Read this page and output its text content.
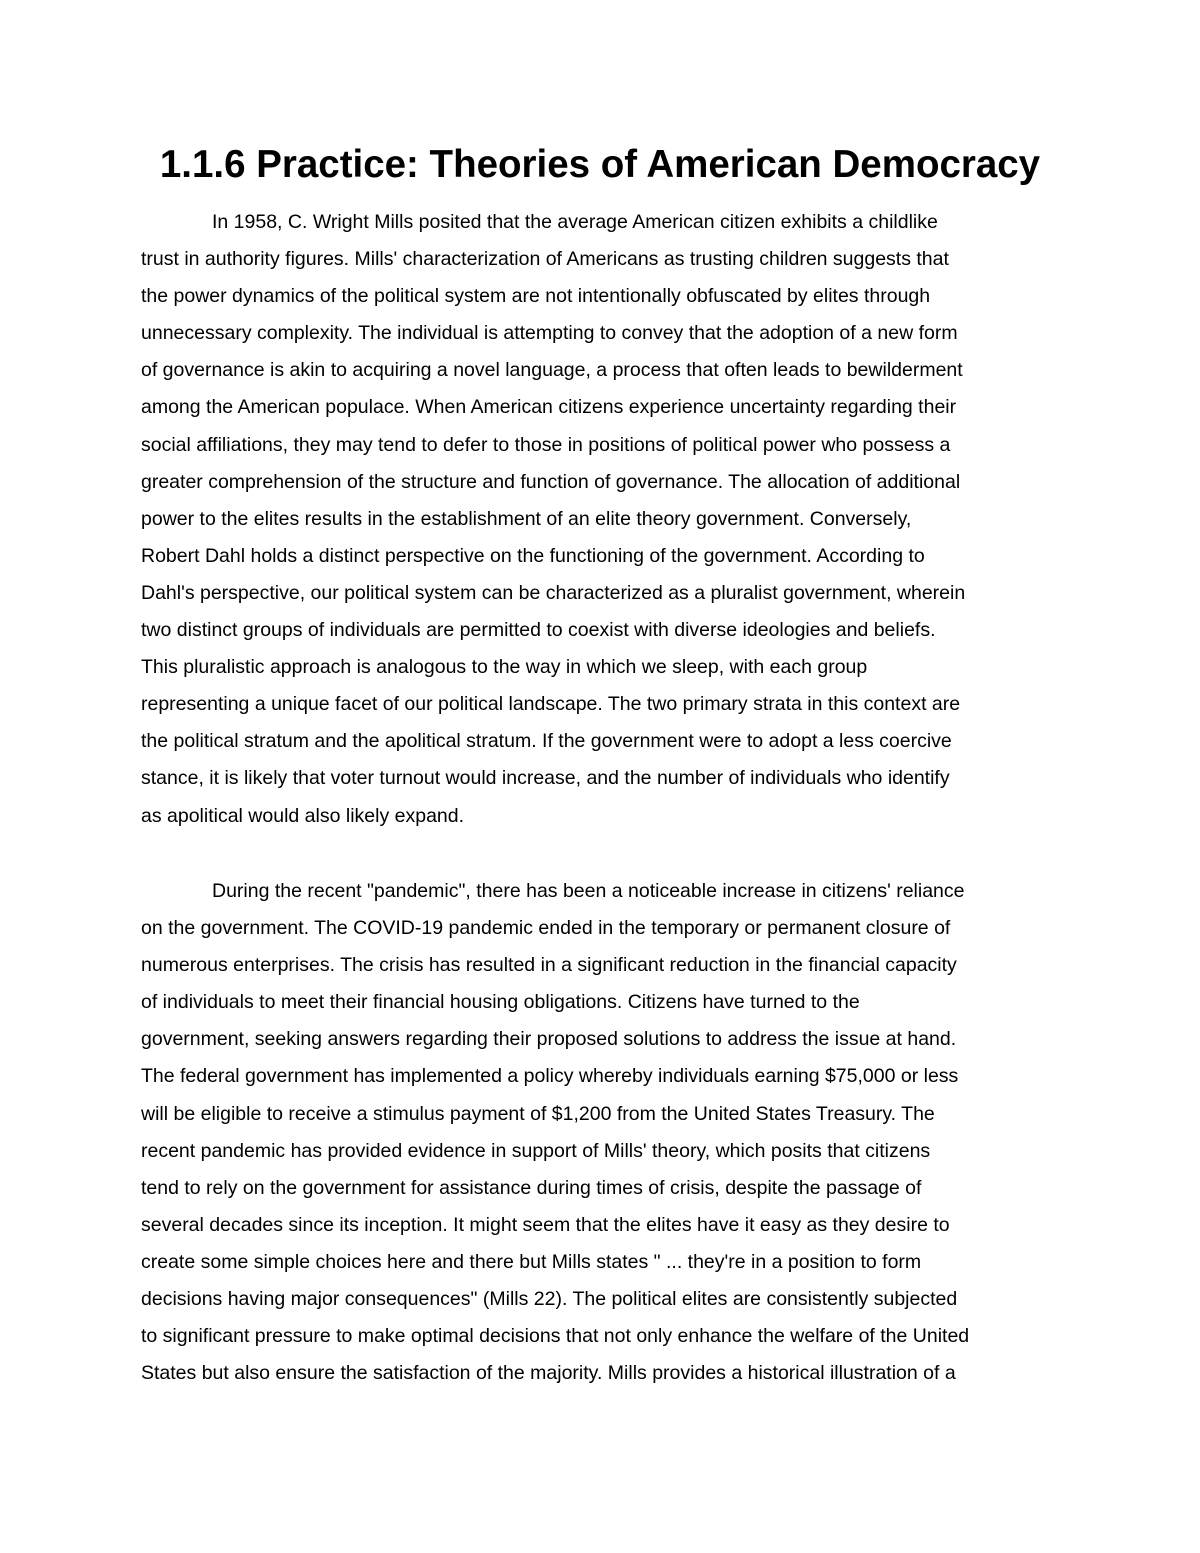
1.1.6 Practice: Theories of American Democracy
In 1958, C. Wright Mills posited that the average American citizen exhibits a childlike
trust in authority figures. Mills' characterization of Americans as trusting children suggests that
the power dynamics of the political system are not intentionally obfuscated by elites through
unnecessary complexity. The individual is attempting to convey that the adoption of a new form
of governance is akin to acquiring a novel language, a process that often leads to bewilderment
among the American populace. When American citizens experience uncertainty regarding their
social affiliations, they may tend to defer to those in positions of political power who possess a
greater comprehension of the structure and function of governance. The allocation of additional
power to the elites results in the establishment of an elite theory government. Conversely,
Robert Dahl holds a distinct perspective on the functioning of the government. According to
Dahl's perspective, our political system can be characterized as a pluralist government, wherein
two distinct groups of individuals are permitted to coexist with diverse ideologies and beliefs.
This pluralistic approach is analogous to the way in which we sleep, with each group
representing a unique facet of our political landscape. The two primary strata in this context are
the political stratum and the apolitical stratum. If the government were to adopt a less coercive
stance, it is likely that voter turnout would increase, and the number of individuals who identify
as apolitical would also likely expand.
During the recent "pandemic", there has been a noticeable increase in citizens' reliance
on the government. The COVID-19 pandemic ended in the temporary or permanent closure of
numerous enterprises. The crisis has resulted in a significant reduction in the financial capacity
of individuals to meet their financial housing obligations. Citizens have turned to the
government, seeking answers regarding their proposed solutions to address the issue at hand.
The federal government has implemented a policy whereby individuals earning $75,000 or less
will be eligible to receive a stimulus payment of $1,200 from the United States Treasury. The
recent pandemic has provided evidence in support of Mills' theory, which posits that citizens
tend to rely on the government for assistance during times of crisis, despite the passage of
several decades since its inception. It might seem that the elites have it easy as they desire to
create some simple choices here and there but Mills states " ... they're in a position to form
decisions having major consequences" (Mills 22). The political elites are consistently subjected
to significant pressure to make optimal decisions that not only enhance the welfare of the United
States but also ensure the satisfaction of the majority. Mills provides a historical illustration of a
